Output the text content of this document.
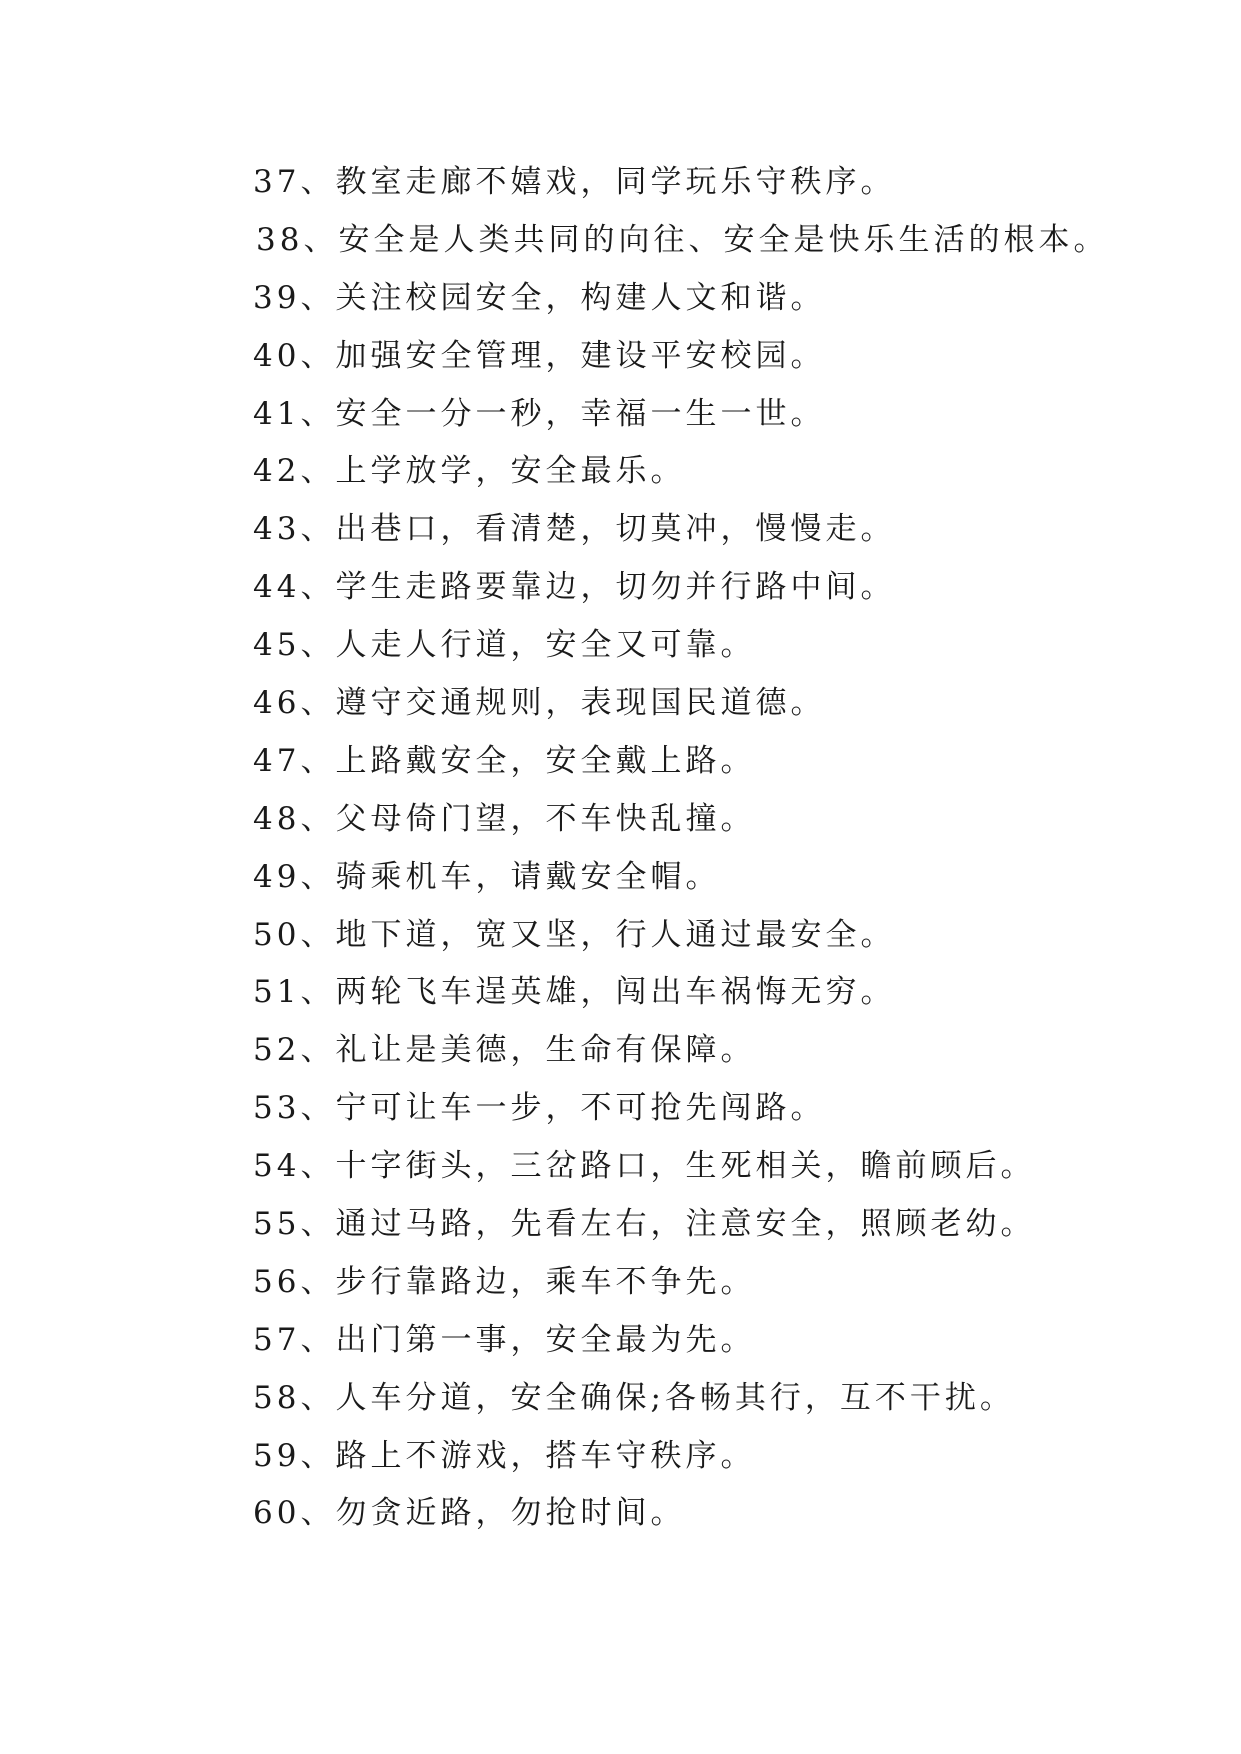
37、教室走廊不嬉戏，同学玩乐守秩序。
38、安全是人类共同的向往、安全是快乐生活的根本。
39、关注校园安全，构建人文和谐。
40、加强安全管理，建设平安校园。
41、安全一分一秒，幸福一生一世。
42、上学放学，安全最乐。
43、出巷口，看清楚，切莫冲，慢慢走。
44、学生走路要靠边，切勿并行路中间。
45、人走人行道，安全又可靠。
46、遵守交通规则，表现国民道德。
47、上路戴安全，安全戴上路。
48、父母倚门望，不车快乱撞。
49、骑乘机车，请戴安全帽。
50、地下道，宽又坚，行人通过最安全。
51、两轮飞车逞英雄，闯出车祸悔无穷。
52、礼让是美德，生命有保障。
53、宁可让车一步，不可抢先闯路。
54、十字街头，三岔路口，生死相关，瞻前顾后。
55、通过马路，先看左右，注意安全，照顾老幼。
56、步行靠路边，乘车不争先。
57、出门第一事，安全最为先。
58、人车分道，安全确保;各畅其行，互不干扰。
59、路上不游戏，搭车守秩序。
60、勿贪近路，勿抢时间。
